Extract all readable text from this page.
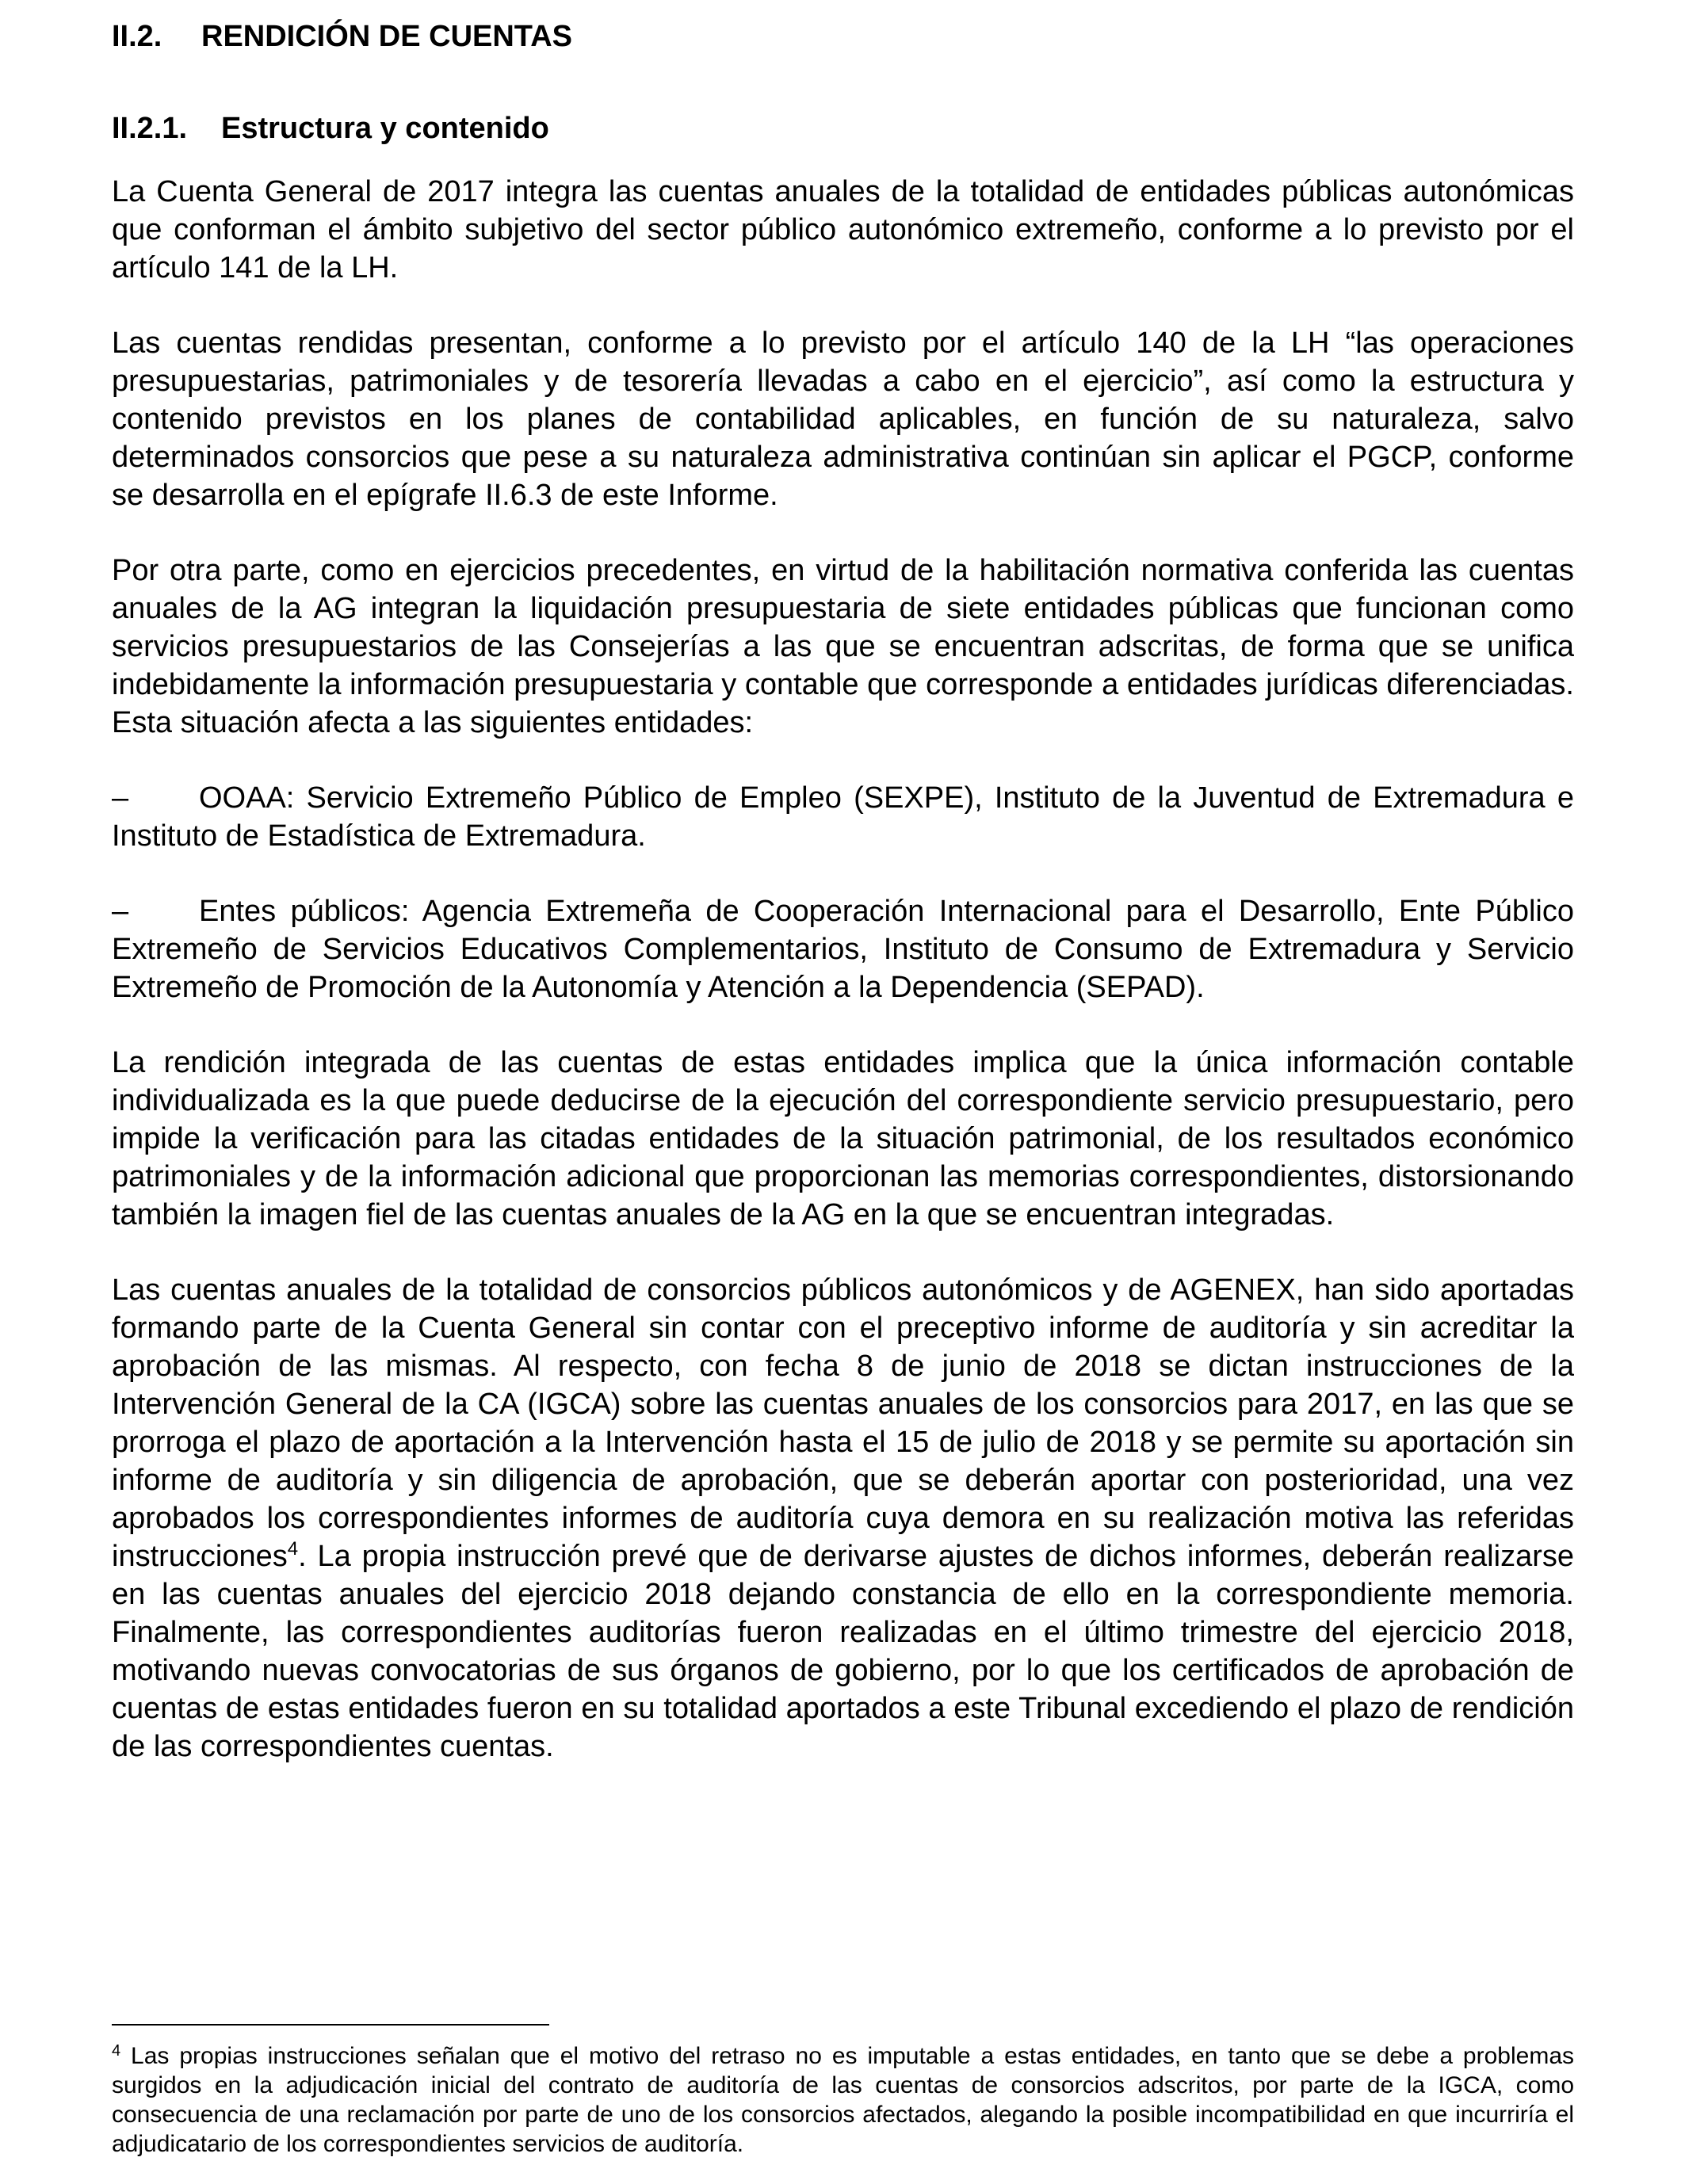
II.2. RENDICIÓN DE CUENTAS
II.2.1. Estructura y contenido

La Cuenta General de 2017 integra las cuentas anuales de la totalidad de entidades públicas autonómicas que conforman el ámbito subjetivo del sector público autonómico extremeño, conforme a lo previsto por el artículo 141 de la LH.

Las cuentas rendidas presentan, conforme a lo previsto por el artículo 140 de la LH “las operaciones presupuestarias, patrimoniales y de tesorería llevadas a cabo en el ejercicio”, así como la estructura y contenido previstos en los planes de contabilidad aplicables, en función de su naturaleza, salvo determinados consorcios que pese a su naturaleza administrativa continúan sin aplicar el PGCP, conforme se desarrolla en el epígrafe II.6.3 de este Informe.

Por otra parte, como en ejercicios precedentes, en virtud de la habilitación normativa conferida las cuentas anuales de la AG integran la liquidación presupuestaria de siete entidades públicas que funcionan como servicios presupuestarios de las Consejerías a las que se encuentran adscritas, de forma que se unifica indebidamente la información presupuestaria y contable que corresponde a entidades jurídicas diferenciadas. Esta situación afecta a las siguientes entidades:

– OOAA: Servicio Extremeño Público de Empleo (SEXPE), Instituto de la Juventud de Extremadura e Instituto de Estadística de Extremadura.

– Entes públicos: Agencia Extremeña de Cooperación Internacional para el Desarrollo, Ente Público Extremeño de Servicios Educativos Complementarios, Instituto de Consumo de Extremadura y Servicio Extremeño de Promoción de la Autonomía y Atención a la Dependencia (SEPAD).

La rendición integrada de las cuentas de estas entidades implica que la única información contable individualizada es la que puede deducirse de la ejecución del correspondiente servicio presupuestario, pero impide la verificación para las citadas entidades de la situación patrimonial, de los resultados económico patrimoniales y de la información adicional que proporcionan las memorias correspondientes, distorsionando también la imagen fiel de las cuentas anuales de la AG en la que se encuentran integradas.

Las cuentas anuales de la totalidad de consorcios públicos autonómicos y de AGENEX, han sido aportadas formando parte de la Cuenta General sin contar con el preceptivo informe de auditoría y sin acreditar la aprobación de las mismas. Al respecto, con fecha 8 de junio de 2018 se dictan instrucciones de la Intervención General de la CA (IGCA) sobre las cuentas anuales de los consorcios para 2017, en las que se prorroga el plazo de aportación a la Intervención hasta el 15 de julio de 2018 y se permite su aportación sin informe de auditoría y sin diligencia de aprobación, que se deberán aportar con posterioridad, una vez aprobados los correspondientes informes de auditoría cuya demora en su realización motiva las referidas instrucciones$^4$. La propia instrucción prevé que de derivarse ajustes de dichos informes, deberán realizarse en las cuentas anuales del ejercicio 2018 dejando constancia de ello en la correspondiente memoria. Finalmente, las correspondientes auditorías fueron realizadas en el último trimestre del ejercicio 2018, motivando nuevas convocatorias de sus órganos de gobierno, por lo que los certificados de aprobación de cuentas de estas entidades fueron en su totalidad aportados a este Tribunal excediendo el plazo de rendición de las correspondientes cuentas.

$^4$ Las propias instrucciones señalan que el motivo del retraso no es imputable a estas entidades, en tanto que se debe a problemas surgidos en la adjudicación inicial del contrato de auditoría de las cuentas de consorcios adscritos, por parte de la IGCA, como consecuencia de una reclamación por parte de uno de los consorcios afectados, alegando la posible incompatibilidad en que incurriría el adjudicatario de los correspondientes servicios de auditoría.
